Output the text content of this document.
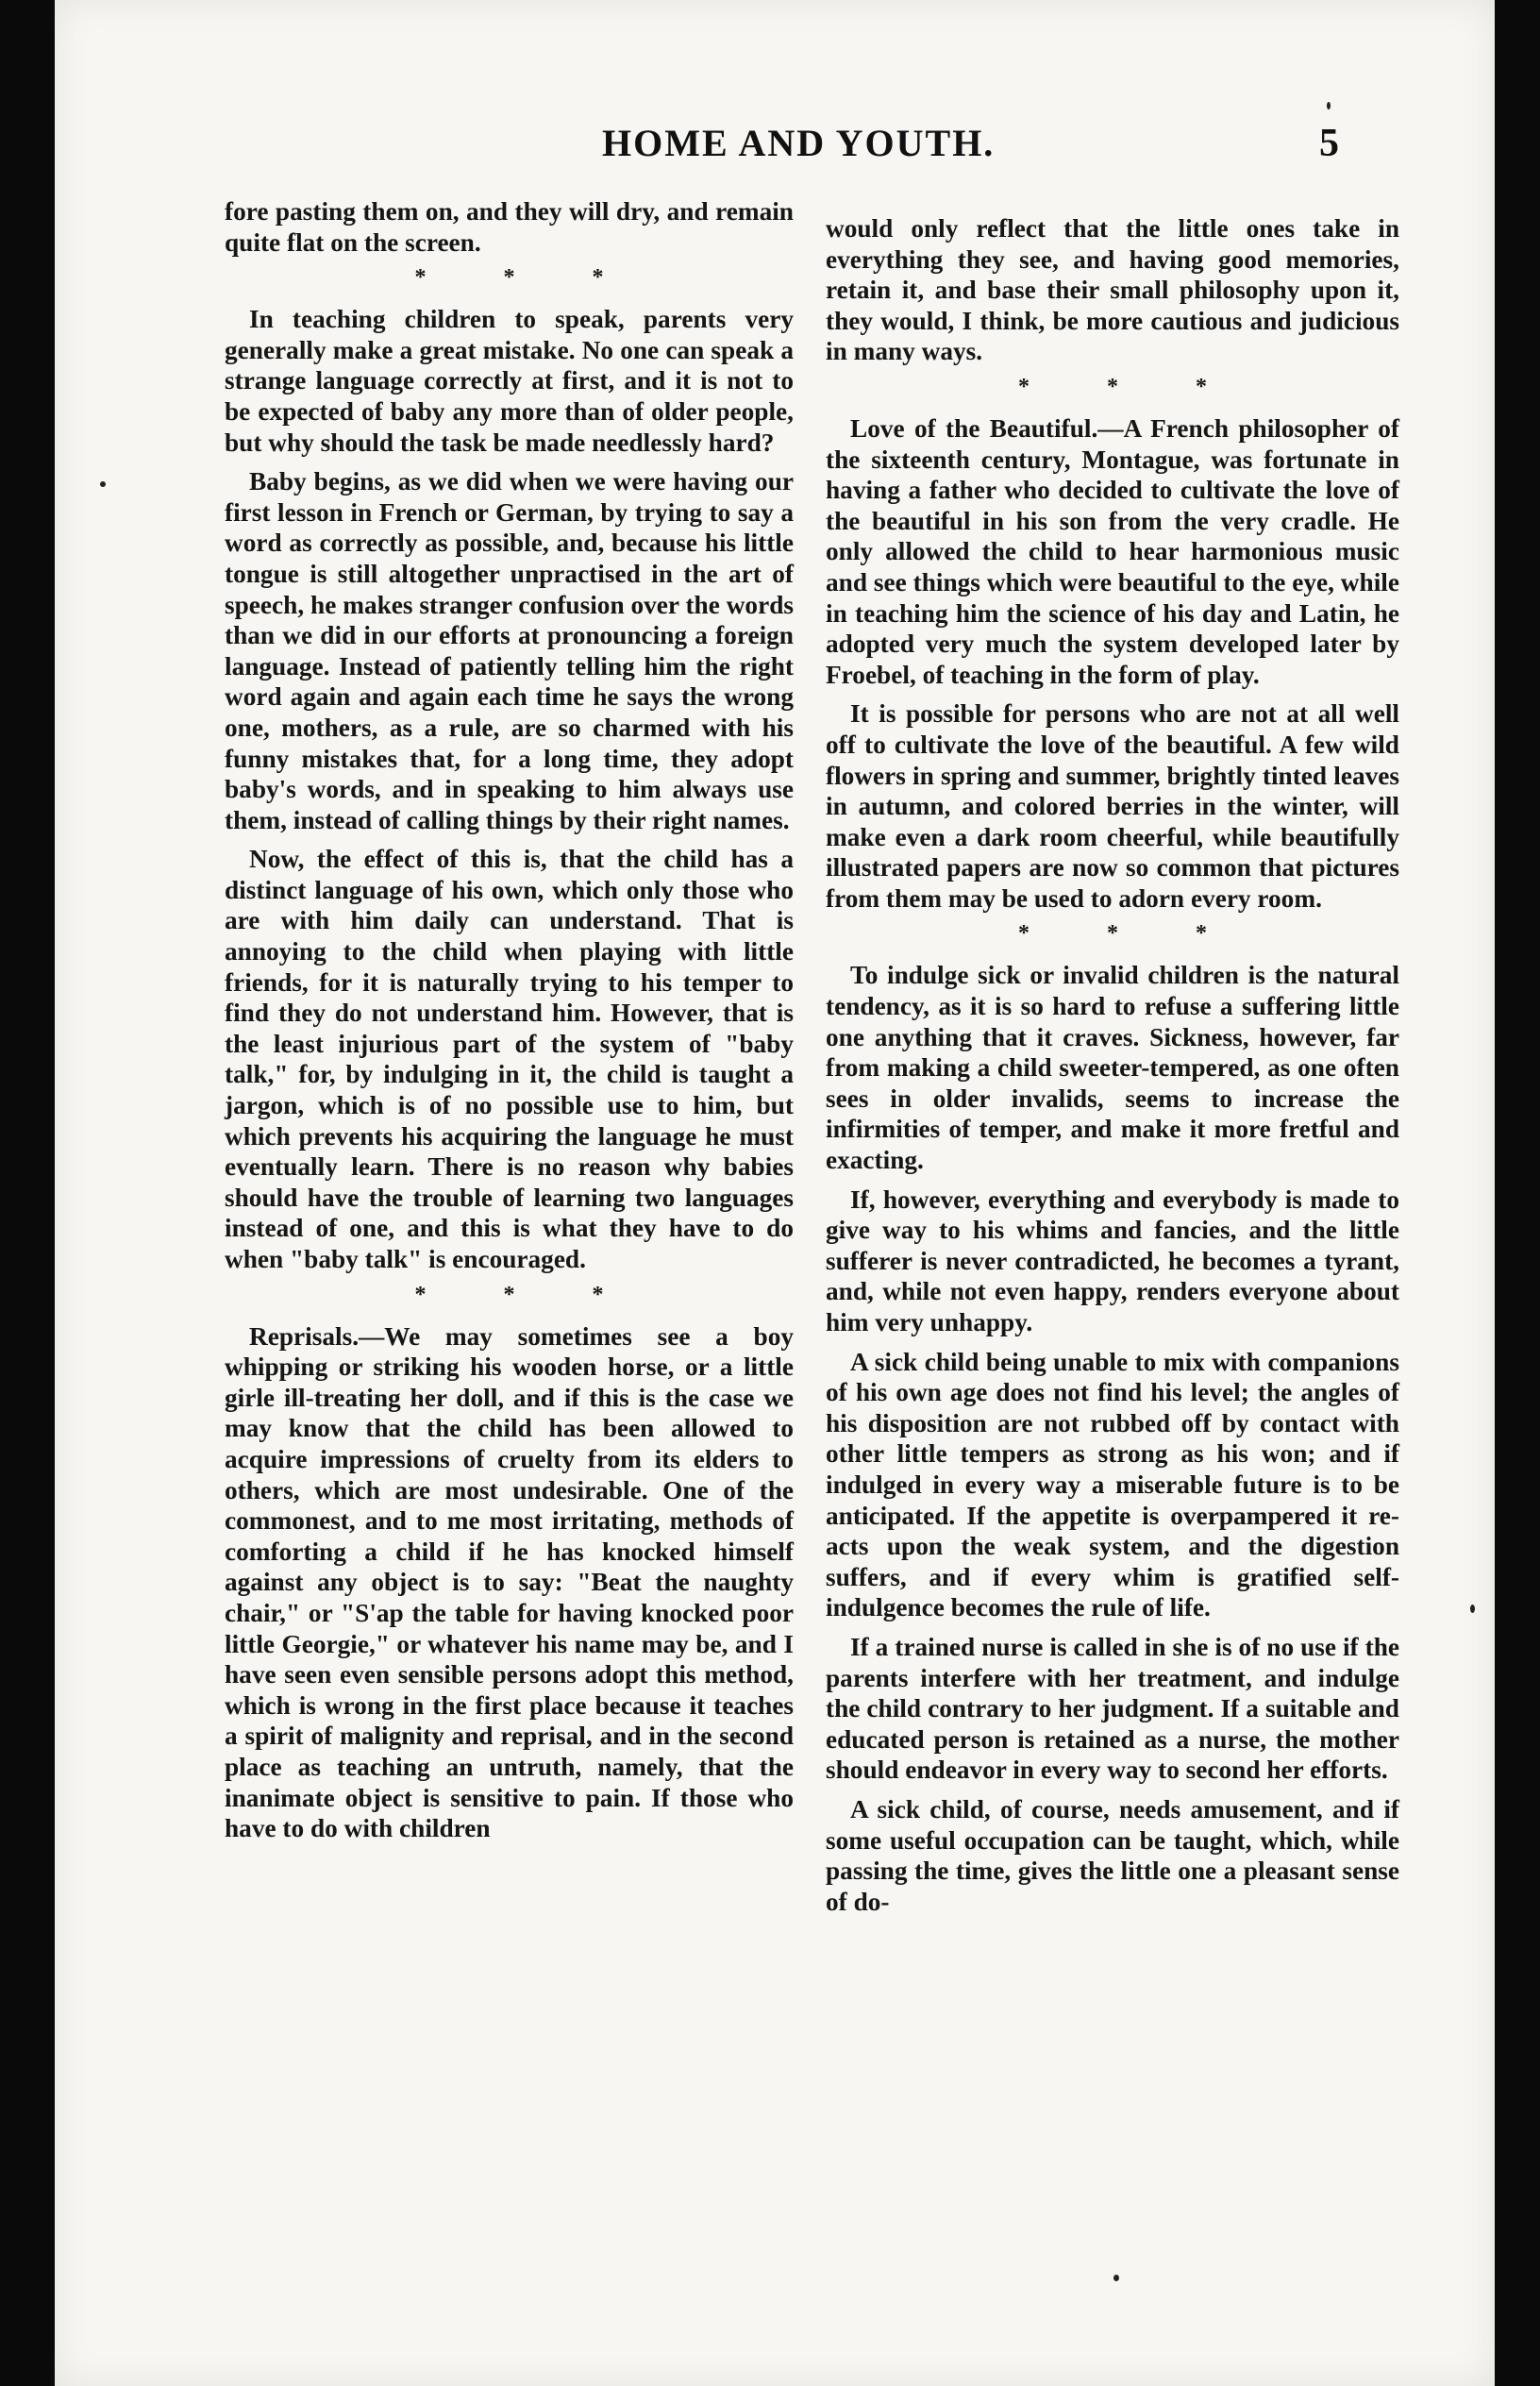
HOME AND YOUTH.	5

fore pasting them on, and they will dry, and remain quite flat on the screen.

* * *

In teaching children to speak, parents very generally make a great mistake. No one can speak a strange language correctly at first, and it is not to be expected of baby any more than of older people, but why should the task be made needlessly hard?

Baby begins, as we did when we were having our first lesson in French or German, by trying to say a word as correctly as possible, and, because his little tongue is still altogether unpractised in the art of speech, he makes stranger confusion over the words than we did in our efforts at pronouncing a foreign language. Instead of patiently telling him the right word again and again each time he says the wrong one, mothers, as a rule, are so charmed with his funny mistakes that, for a long time, they adopt baby's words, and in speaking to him always use them, instead of calling things by their right names.

Now, the effect of this is, that the child has a distinct language of his own, which only those who are with him daily can understand. That is annoying to the child when playing with little friends, for it is naturally trying to his temper to find they do not understand him. However, that is the least injurious part of the system of "baby talk," for, by indulging in it, the child is taught a jargon, which is of no possible use to him, but which prevents his acquiring the language he must eventually learn. There is no reason why babies should have the trouble of learning two languages instead of one, and this is what they have to do when "baby talk" is encouraged.

* * *

Reprisals.—We may sometimes see a boy whipping or striking his wooden horse, or a little girle ill-treating her doll, and if this is the case we may know that the child has been allowed to acquire impressions of cruelty from its elders to others, which are most undesirable. One of the commonest, and to me most irritating, methods of comforting a child if he has knocked himself against any object is to say: "Beat the naughty chair," or "S'ap the table for having knocked poor little Georgie," or whatever his name may be, and I have seen even sensible persons adopt this method, which is wrong in the first place because it teaches a spirit of malignity and reprisal, and in the second place as teaching an untruth, namely, that the inanimate object is sensitive to pain. If those who have to do with children

would only reflect that the little ones take in everything they see, and having good memories, retain it, and base their small philosophy upon it, they would, I think, be more cautious and judicious in many ways.

* * *

Love of the Beautiful.—A French philosopher of the sixteenth century, Montague, was fortunate in having a father who decided to cultivate the love of the beautiful in his son from the very cradle. He only allowed the child to hear harmonious music and see things which were beautiful to the eye, while in teaching him the science of his day and Latin, he adopted very much the system developed later by Froebel, of teaching in the form of play.

It is possible for persons who are not at all well off to cultivate the love of the beautiful. A few wild flowers in spring and summer, brightly tinted leaves in autumn, and colored berries in the winter, will make even a dark room cheerful, while beautifully illustrated papers are now so common that pictures from them may be used to adorn every room.

* * *

To indulge sick or invalid children is the natural tendency, as it is so hard to refuse a suffering little one anything that it craves. Sickness, however, far from making a child sweeter-tempered, as one often sees in older invalids, seems to increase the infirmities of temper, and make it more fretful and exacting.

If, however, everything and everybody is made to give way to his whims and fancies, and the little sufferer is never contradicted, he becomes a tyrant, and, while not even happy, renders everyone about him very unhappy.

A sick child being unable to mix with companions of his own age does not find his level; the angles of his disposition are not rubbed off by contact with other little tempers as strong as his won; and if indulged in every way a miserable future is to be anticipated. If the appetite is overpampered it re-acts upon the weak system, and the digestion suffers, and if every whim is gratified self-indulgence becomes the rule of life.

If a trained nurse is called in she is of no use if the parents interfere with her treatment, and indulge the child contrary to her judgment. If a suitable and educated person is retained as a nurse, the mother should endeavor in every way to second her efforts.

A sick child, of course, needs amusement, and if some useful occupation can be taught, which, while passing the time, gives the little one a pleasant sense of do-
